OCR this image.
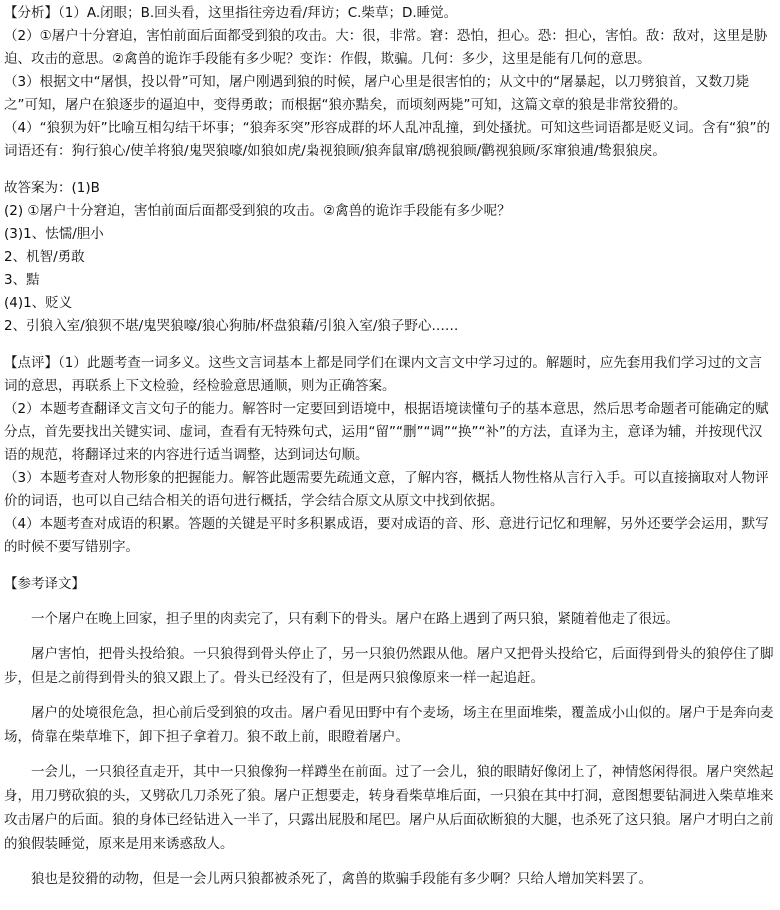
【分析】（1）A.闭眼；B.回头看，这里指往旁边看/拜访；C.柴草；D.睡觉。

（2）①屠户十分窘迫，害怕前面后面都受到狼的攻击。大：很，非常。窘：恐怕，担心。恐：担心，害怕。敌：敌对，这里是胁迫、攻击的意思。②禽兽的诡诈手段能有多少呢？变诈：作假，欺骗。几何：多少，这里是能有几何的意思。

（3）根据文中“屠惧，投以骨”可知，屠户刚遇到狼的时候，屠户心里是很害怕的；从文中的“屠暴起，以刀劈狼首，又数刀毙之”可知，屠户在狼逐步的逼迫中，变得勇敢；而根据“狼亦黠矣，而顷刻两毙”可知，这篇文章的狼是非常狡猾的。

（4）“狼狈为奸”比喻互相勾结干坏事；“狼奔豕突”形容成群的坏人乱冲乱撞，到处搔扰。可知这些词语都是贬义词。含有“狼”的词语还有：狗行狼心/使羊将狼/鬼哭狼嚎/如狼如虎/枭视狼顾/狼奔鼠窜/鸱视狼顾/鹳视狼顾/豕窜狼逋/鸷狠狼戾。

故答案为：(1)B

(2) ①屠户十分窘迫，害怕前面后面都受到狼的攻击。②禽兽的诡诈手段能有多少呢？

(3)1、怯懦/胆小

2、机智/勇敢

3、黠

(4)1、贬义

2、引狼入室/狼狈不堪/鬼哭狼嚎/狼心狗肺/杯盘狼藉/引狼入室/狼子野心……

【点评】（1）此题考查一词多义。这些文言词基本上都是同学们在课内文言文中学习过的。解题时，应先套用我们学习过的文言词的意思，再联系上下文检验，经检验意思通顺，则为正确答案。

（2）本题考查翻译文言文句子的能力。解答时一定要回到语境中，根据语境读懂句子的基本意思，然后思考命题者可能确定的赋分点，首先要找出关键实词、虚词，查看有无特殊句式，运用“留”“删”“调”“换”“补”的方法，直译为主，意译为辅，并按现代汉语的规范，将翻译过来的内容进行适当调整，达到词达句顺。

（3）本题考查对人物形象的把握能力。解答此题需要先疏通文意，了解内容，概括人物性格从言行入手。可以直接摘取对人物评价的词语，也可以自己结合相关的语句进行概括，学会结合原文从原文中找到依据。

（4）本题考查对成语的积累。答题的关键是平时多积累成语，要对成语的音、形、意进行记忆和理解，另外还要学会运用，默写的时候不要写错别字。

【参考译文】

一个屠户在晚上回家，担子里的肉卖完了，只有剩下的骨头。屠户在路上遇到了两只狼，紧随着他走了很远。

屠户害怕，把骨头投给狼。一只狼得到骨头停止了，另一只狼仍然跟从他。屠户又把骨头投给它，后面得到骨头的狼停住了脚步，但是之前得到骨头的狼又跟上了。骨头已经没有了，但是两只狼像原来一样一起追赶。

屠户的处境很危急，担心前后受到狼的攻击。屠户看见田野中有个麦场，场主在里面堆柴，覆盖成小山似的。屠户于是奔向麦场，倚靠在柴草堆下，卸下担子拿着刀。狼不敢上前，眼瞪着屠户。

一会儿，一只狼径直走开，其中一只狼像狗一样蹲坐在前面。过了一会儿，狼的眼睛好像闭上了，神情悠闲得很。屠户突然起身，用刀劈砍狼的头，又劈砍几刀杀死了狼。屠户正想要走，转身看柴草堆后面，一只狼在其中打洞，意图想要钻洞进入柴草堆来攻击屠户的后面。狼的身体已经钻进入一半了，只露出屁股和尾巴。屠户从后面砍断狼的大腿，也杀死了这只狼。屠户才明白之前的狼假装睡觉，原来是用来诱惑敌人。

狼也是狡猾的动物，但是一会儿两只狼都被杀死了，禽兽的欺骗手段能有多少啊？只给人增加笑料罢了。
